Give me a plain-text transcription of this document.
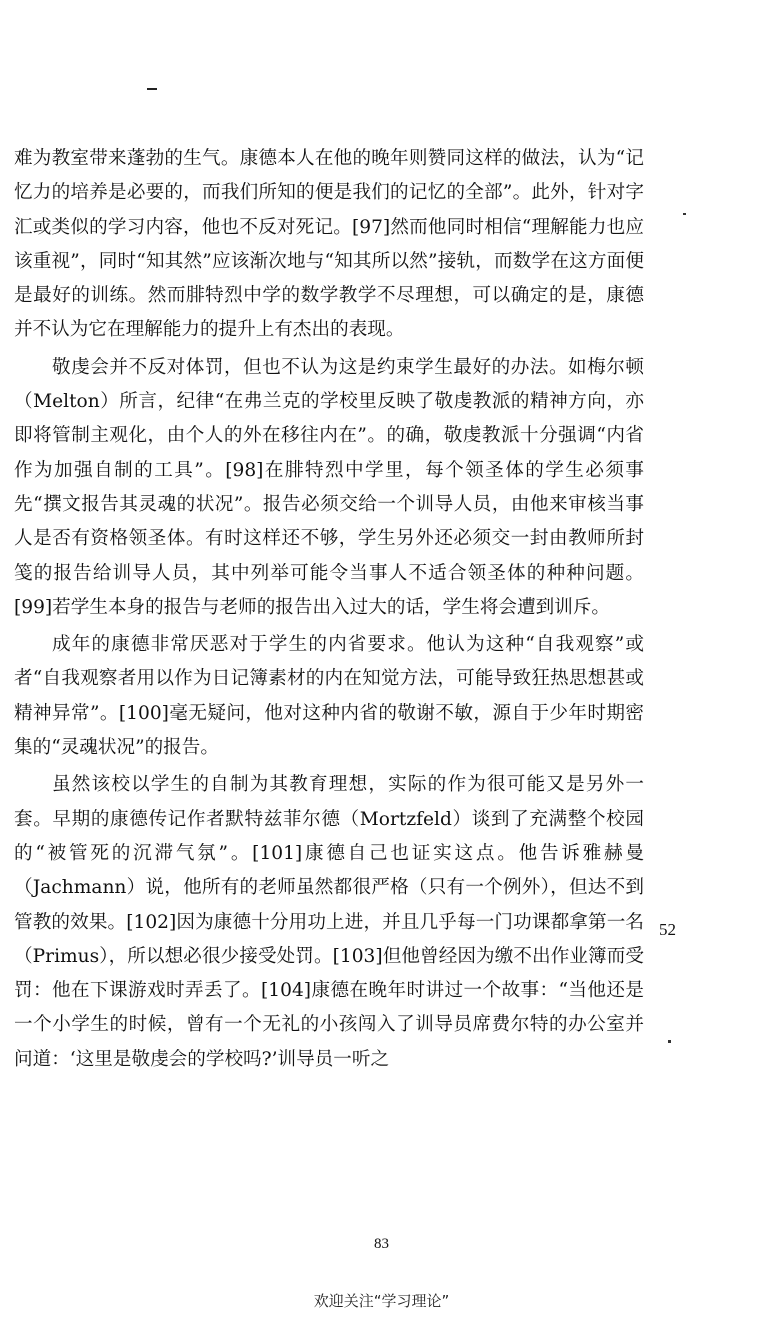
难为教室带来蓬勃的生气。康德本人在他的晚年则赞同这样的做法，认为“记忆力的培养是必要的，而我们所知的便是我们的记忆的全部”。此外，针对字汇或类似的学习内容，他也不反对死记。[97]然而他同时相信“理解能力也应该重视”，同时“知其然”应该渐次地与“知其所以然”接轨，而数学在这方面便是最好的训练。然而腓特烈中学的数学教学不尽理想，可以确定的是，康德并不认为它在理解能力的提升上有杰出的表现。

敬虔会并不反对体罚，但也不认为这是约束学生最好的办法。如梅尔顿（Melton）所言，纪律“在弗兰克的学校里反映了敬虔教派的精神方向，亦即将管制主观化，由个人的外在移往内在”。的确，敬虔教派十分强调“内省作为加强自制的工具”。[98]在腓特烈中学里，每个领圣体的学生必须事先“撰文报告其灵魂的状况”。报告必须交给一个训导人员，由他来审核当事人是否有资格领圣体。有时这样还不够，学生另外还必须交一封由教师所封笺的报告给训导人员，其中列举可能令当事人不适合领圣体的种种问题。[99]若学生本身的报告与老师的报告出入过大的话，学生将会遭到训斥。

成年的康德非常厌恶对于学生的内省要求。他认为这种“自我观察”或者“自我观察者用以作为日记簿素材的内在知觉方法，可能导致狂热思想甚或精神异常”。[100]毫无疑问，他对这种内省的敬谢不敏，源自于少年时期密集的“灵魂状况”的报告。

虽然该校以学生的自制为其教育理想，实际的作为很可能又是另外一套。早期的康德传记作者默特兹菲尔德（Mortzfeld）谈到了充满整个校园的“被管死的沉滞气氛”。[101]康德自己也证实这点。他告诉雅赫曼（Jachmann）说，他所有的老师虽然都很严格（只有一个例外），但达不到管教的效果。[102]因为康德十分用功上进，并且几乎每一门功课都拿第一名（Primus），所以想必很少接受处罚。[103]但他曾经因为缴不出作业簿而受罚：他在下课游戏时弄丢了。[104]康德在晚年时讲过一个故事：“当他还是一个小学生的时候，曾有一个无礼的小孩闯入了训导员席费尔特的办公室并问道：‘这里是敬虔会的学校吗?’训导员一听之

52
83
欢迎关注“学习理论”
